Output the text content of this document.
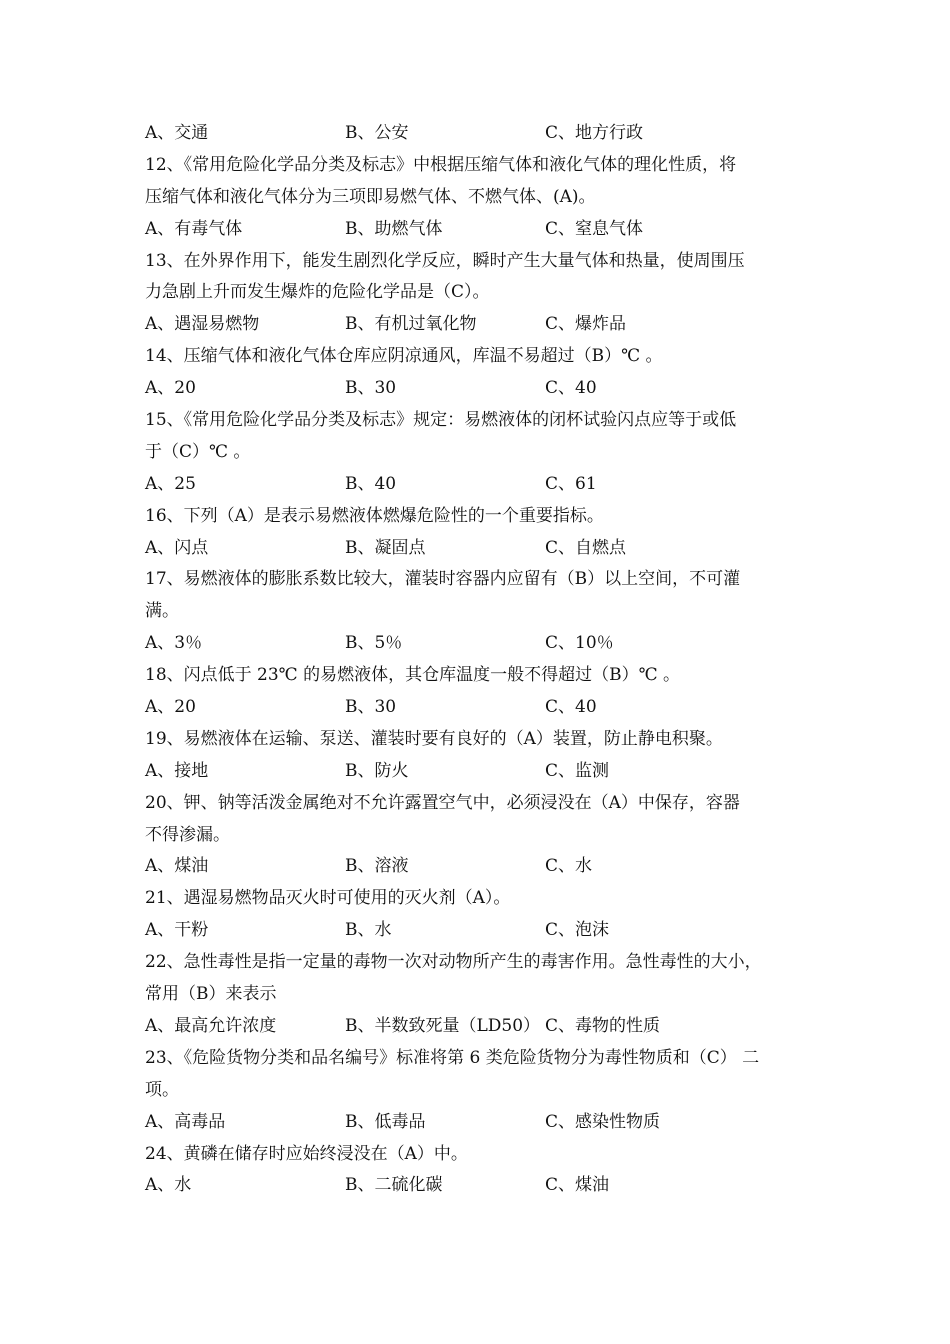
A、交通	B、公安	C、地方行政
12、《常用危险化学品分类及标志》中根据压缩气体和液化气体的理化性质，将
压缩气体和液化气体分为三项即易燃气体、不燃气体、(A)。
A、有毒气体	B、助燃气体	C、窒息气体
13、在外界作用下，能发生剧烈化学反应，瞬时产生大量气体和热量，使周围压
力急剧上升而发生爆炸的危险化学品是（C）。
A、遇湿易燃物	B、有机过氧化物	C、爆炸品
14、压缩气体和液化气体仓库应阴凉通风，库温不易超过（B）℃ 。
A、20	B、30	C、40
15、《常用危险化学品分类及标志》规定：易燃液体的闭杯试验闪点应等于或低
于（C）℃ 。
A、25	B、40	C、61
16、下列（A）是表示易燃液体燃爆危险性的一个重要指标。
A、闪点	B、凝固点	C、自燃点
17、易燃液体的膨胀系数比较大，灌装时容器内应留有（B）以上空间，不可灌
满。
A、3％	B、5％	C、10％
18、闪点低于 23℃ 的易燃液体，其仓库温度一般不得超过（B）℃ 。
A、20	B、30	C、40
19、易燃液体在运输、泵送、灌装时要有良好的（A）装置，防止静电积聚。
A、接地	B、防火	C、监测
20、钾、钠等活泼金属绝对不允许露置空气中，必须浸没在（A）中保存，容器
不得渗漏。
A、煤油	B、溶液	C、水
21、遇湿易燃物品灭火时可使用的灭火剂（A）。
A、干粉	B、水	C、泡沫
22、急性毒性是指一定量的毒物一次对动物所产生的毒害作用。急性毒性的大小，
常用（B）来表示
A、最高允许浓度	B、半数致死量（LD50） C、毒物的性质
23、《危险货物分类和品名编号》标准将第 6 类危险货物分为毒性物质和（C） 二
项。
A、高毒品	B、低毒品	C、感染性物质
24、黄磷在储存时应始终浸没在（A）中。
A、水	B、二硫化碳	C、煤油
